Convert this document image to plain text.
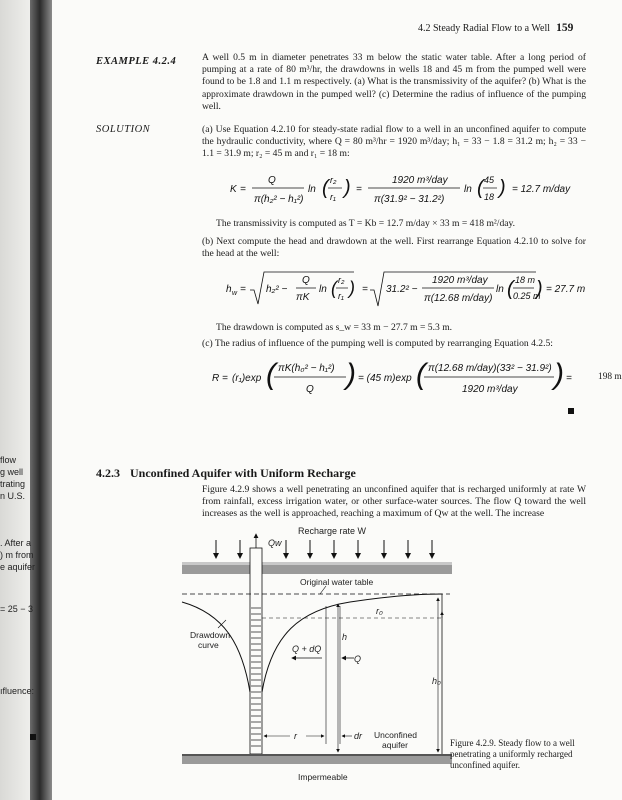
flow
g well
trating
n U.S.
. After a
) m from
e aquifer
= 25 − 3
ıfluence:
4.2 Steady Radial Flow to a Well 159
EXAMPLE 4.2.4	A well 0.5 m in diameter penetrates 33 m below the static water table. After a long period of pumping at a rate of 80 m³/hr, the drawdowns in wells 18 and 45 m from the pumped well were found to be 1.8 and 1.1 m respectively. (a) What is the transmissivity of the aquifer? (b) What is the approximate drawdown in the pumped well? (c) Determine the radius of influence of the pumping well.
SOLUTION	(a) Use Equation 4.2.10 for steady-state radial flow to a well in an unconfined aquifer to compute the hydraulic conductivity, where Q = 80 m³/hr = 1920 m³/day; h₁ = 33 − 1.8 = 31.2 m; h₂ = 33 − 1.1 = 31.9 m; r₂ = 45 m and r₁ = 18 m:
K =
Q
π(h₂² − h₁²)
ln ( r₂
r₁ ) =
1920 m³/day
π(31.9² − 31.2²)
ln ( 45
18 ) = 12.7 m/day
The transmissivity is computed as T = Kb = 12.7 m/day × 33 m = 418 m²/day.
(b) Next compute the head and drawdown at the well. First rearrange Equation 4.2.10 to solve for the head at the well:
h w = h₂² −
Q
πK
ln ( r₂
r₁ ) = 31.2² −
1920 m³/day
π(12.68 m/day)
ln ( 18 m
0.25 m
) = 27.7 m
The drawdown is computed as s_w = 33 m − 27.7 m = 5.3 m.
(c) The radius of influence of the pumping well is computed by rearranging Equation 4.2.5:
R = (r₁)exp ( πK(h₀² − h₁²)
Q ) = (45 m)exp ( π(12.68 m/day)(33² − 31.9²)
1920 m³/day ) =	198 m
4.2.3 Unconfined Aquifer with Uniform Recharge
Figure 4.2.9 shows a well penetrating an unconfined aquifer that is recharged uniformly at rate W from rainfall, excess irrigation water, or other surface-water sources. The flow Q toward the well increases as the well is approached, reaching a maximum of Qw at the well. The increase
Recharge rate W
Qw
Original water table
r₀
h₀
h
Q
Q + dQ
r	dr
Drawdown
curve
Unconfined
aquifer
Impermeable
Figure 4.2.9. Steady flow to a well penetrating a uniformly recharged unconfined aquifer.
